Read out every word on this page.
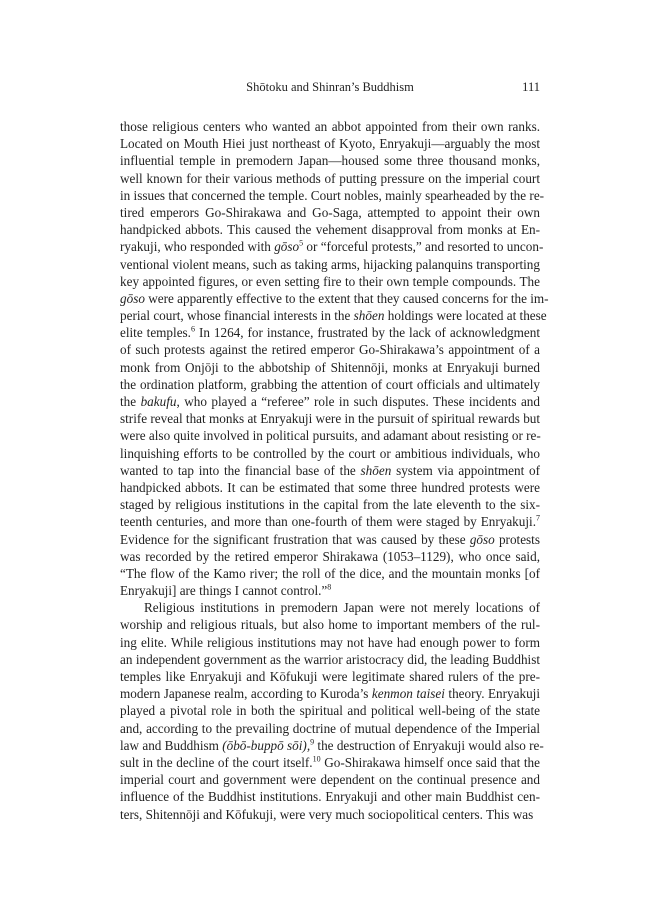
Shōtoku and Shinran’s Buddhism	111
those religious centers who wanted an abbot appointed from their own ranks.
Located on Mouth Hiei just northeast of Kyoto, Enryakuji—arguably the most
influential temple in premodern Japan—housed some three thousand monks,
well known for their various methods of putting pressure on the imperial court
in issues that concerned the temple. Court nobles, mainly spearheaded by the re-
tired emperors Go-Shirakawa and Go-Saga, attempted to appoint their own
handpicked abbots. This caused the vehement disapproval from monks at En-
ryakuji, who responded with gōso$^5$ or “forceful protests,” and resorted to uncon-
ventional violent means, such as taking arms, hijacking palanquins transporting
key appointed figures, or even setting fire to their own temple compounds. The
gōso were apparently effective to the extent that they caused concerns for the im-
perial court, whose financial interests in the shōen holdings were located at these
elite temples.$^6$ In 1264, for instance, frustrated by the lack of acknowledgment
of such protests against the retired emperor Go-Shirakawa’s appointment of a
monk from Onjōji to the abbotship of Shitennōji, monks at Enryakuji burned
the ordination platform, grabbing the attention of court officials and ultimately
the bakufu, who played a “referee” role in such disputes. These incidents and
strife reveal that monks at Enryakuji were in the pursuit of spiritual rewards but
were also quite involved in political pursuits, and adamant about resisting or re-
linquishing efforts to be controlled by the court or ambitious individuals, who
wanted to tap into the financial base of the shōen system via appointment of
handpicked abbots. It can be estimated that some three hundred protests were
staged by religious institutions in the capital from the late eleventh to the six-
teenth centuries, and more than one-fourth of them were staged by Enryakuji.$^7$
Evidence for the significant frustration that was caused by these gōso protests
was recorded by the retired emperor Shirakawa (1053–1129), who once said,
“The flow of the Kamo river; the roll of the dice, and the mountain monks [of
Enryakuji] are things I cannot control.”$^8$
Religious institutions in premodern Japan were not merely locations of
worship and religious rituals, but also home to important members of the rul-
ing elite. While religious institutions may not have had enough power to form
an independent government as the warrior aristocracy did, the leading Buddhist
temples like Enryakuji and Kōfukuji were legitimate shared rulers of the pre-
modern Japanese realm, according to Kuroda’s kenmon taisei theory. Enryakuji
played a pivotal role in both the spiritual and political well-being of the state
and, according to the prevailing doctrine of mutual dependence of the Imperial
law and Buddhism (ōbō-buppō sōi),$^9$ the destruction of Enryakuji would also re-
sult in the decline of the court itself.$^{10}$ Go-Shirakawa himself once said that the
imperial court and government were dependent on the continual presence and
influence of the Buddhist institutions. Enryakuji and other main Buddhist cen-
ters, Shitennōji and Kōfukuji, were very much sociopolitical centers. This was
